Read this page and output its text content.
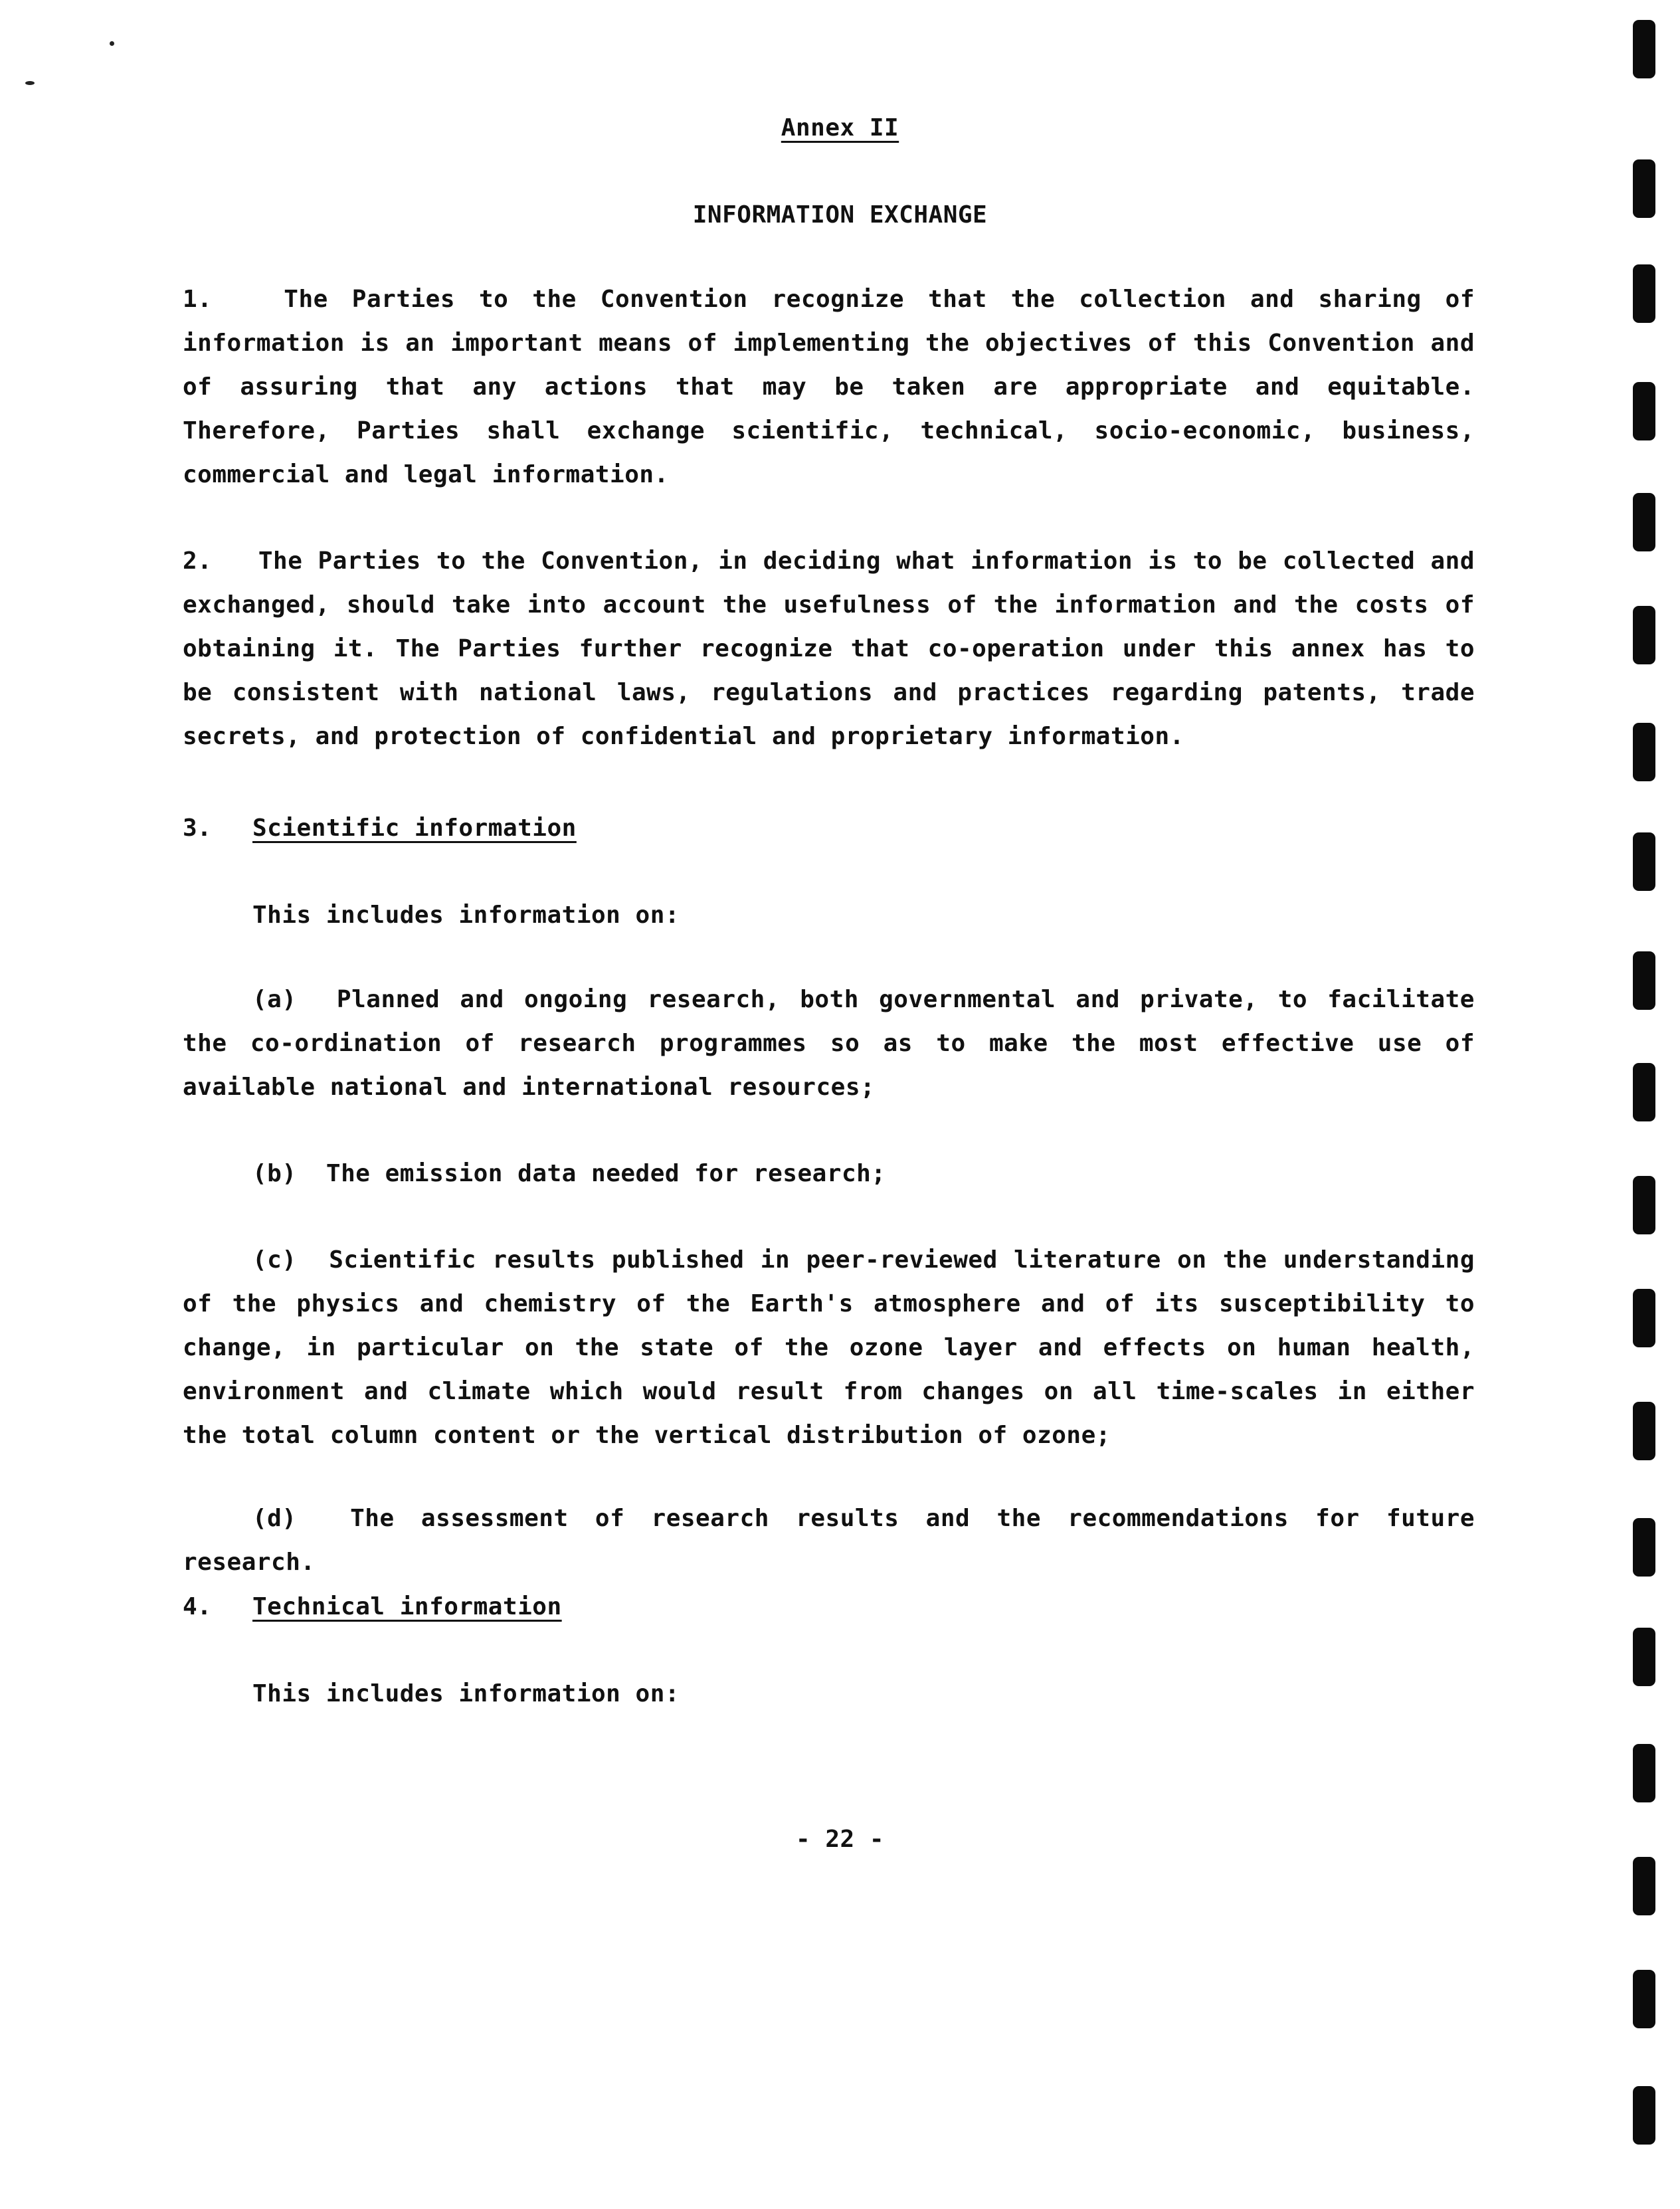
Annex II
INFORMATION EXCHANGE
1.	The Parties to the Convention recognize that the collection and sharing of information is an important means of implementing the objectives of this Convention and of assuring that any actions that may be taken are appropriate and equitable. Therefore, Parties shall exchange scientific, technical, socio-economic, business, commercial and legal information.
2. The Parties to the Convention, in deciding what information is to be collected and exchanged, should take into account the usefulness of the information and the costs of obtaining it. The Parties further recognize that co-operation under this annex has to be consistent with national laws, regulations and practices regarding patents, trade secrets, and protection of confidential and proprietary information.
3. Scientific information
This includes information on:
(a) Planned and ongoing research, both governmental and private, to facilitate the co-ordination of research programmes so as to make the most effective use of available national and international resources;
(b) The emission data needed for research;
(c) Scientific results published in peer-reviewed literature on the understanding of the physics and chemistry of the Earth's atmosphere and of its susceptibility to change, in particular on the state of the ozone layer and effects on human health, environment and climate which would result from changes on all time-scales in either the total column content or the vertical distribution of ozone;
(d) The assessment of research results and the recommendations for future research.
4. Technical information
This includes information on:
- 22 -
